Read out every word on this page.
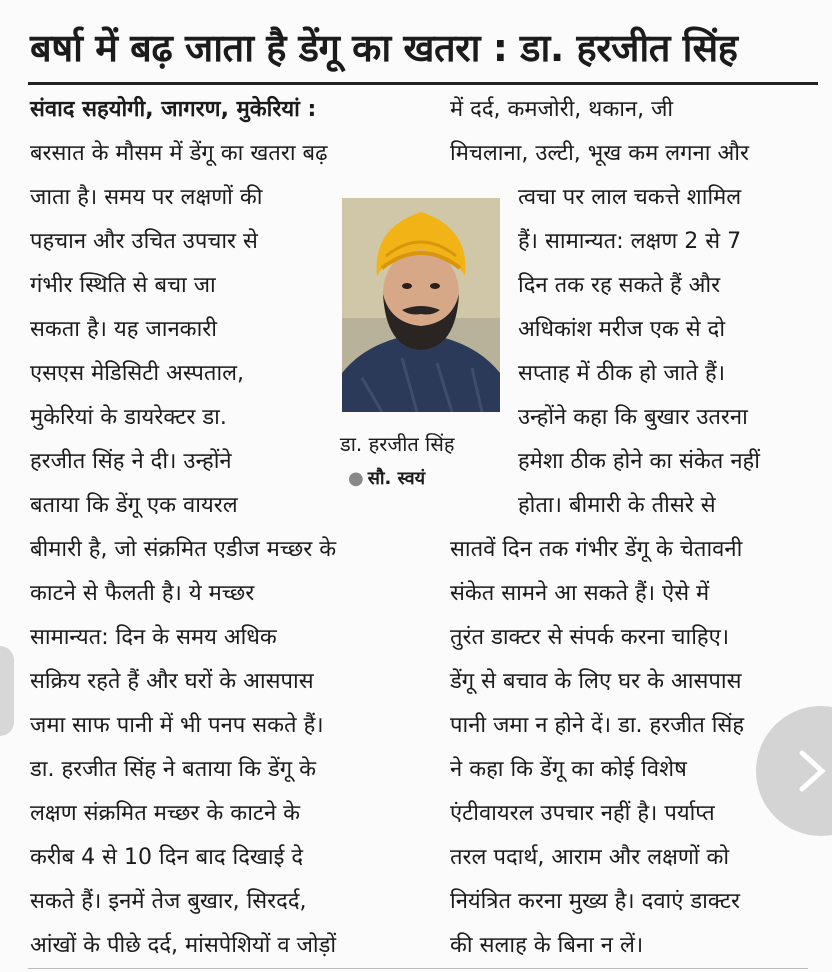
बर्षा में बढ़ जाता है डेंगू का खतरा : डा. हरजीत सिंह
संवाद सहयोगी, जागरण, मुकेरियां :
बरसात के मौसम में डेंगू का खतरा बढ़
जाता है। समय पर लक्षणों की
पहचान और उचित उपचार से
गंभीर स्थिति से बचा जा
सकता है। यह जानकारी
एसएस मेडिसिटी अस्पताल,
मुकेरियां के डायरेक्टर डा.
हरजीत सिंह ने दी। उन्होंने
बताया कि डेंगू एक वायरल
बीमारी है, जो संक्रमित एडीज मच्छर के
काटने से फैलती है। ये मच्छर
सामान्यत: दिन के समय अधिक
सक्रिय रहते हैं और घरों के आसपास
जमा साफ पानी में भी पनप सकते हैं।
डा. हरजीत सिंह ने बताया कि डेंगू के
लक्षण संक्रमित मच्छर के काटने के
करीब 4 से 10 दिन बाद दिखाई दे
सकते हैं। इनमें तेज बुखार, सिरदर्द,
आंखों के पीछे दर्द, मांसपेशियों व जोड़ों
में दर्द, कमजोरी, थकान, जी
मिचलाना, उल्टी, भूख कम लगना और
त्वचा पर लाल चकत्ते शामिल
हैं। सामान्यत: लक्षण 2 से 7
दिन तक रह सकते हैं और
अधिकांश मरीज एक से दो
सप्ताह में ठीक हो जाते हैं।
उन्होंने कहा कि बुखार उतरना
हमेशा ठीक होने का संकेत नहीं
होता। बीमारी के तीसरे से
सातवें दिन तक गंभीर डेंगू के चेतावनी
संकेत सामने आ सकते हैं। ऐसे में
तुरंत डाक्टर से संपर्क करना चाहिए।
डेंगू से बचाव के लिए घर के आसपास
पानी जमा न होने दें। डा. हरजीत सिंह
ने कहा कि डेंगू का कोई विशेष
एंटीवायरल उपचार नहीं है। पर्याप्त
तरल पदार्थ, आराम और लक्षणों को
नियंत्रित करना मुख्य है। दवाएं डाक्टर
की सलाह के बिना न लें।
डा. हरजीत सिंह
● सौ. स्वयं
